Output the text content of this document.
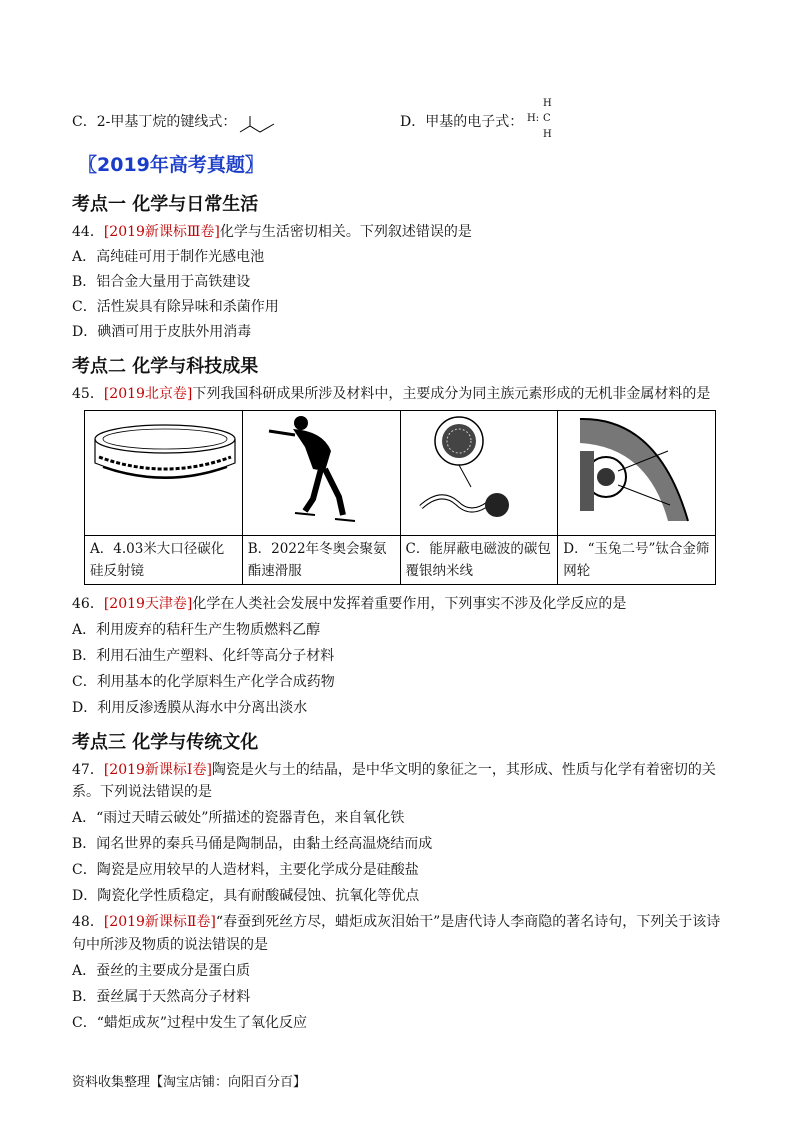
C．2-甲基丁烷的键线式：	D．甲基的电子式：
H
H: C
H
〖2019年高考真题〗
考点一 化学与日常生活
44．[2019新课标Ⅲ卷]化学与生活密切相关。下列叙述错误的是
A．高纯硅可用于制作光感电池
B．铝合金大量用于高铁建设
C．活性炭具有除异味和杀菌作用
D．碘酒可用于皮肤外用消毒
考点二 化学与科技成果
45．[2019北京卷]下列我国科研成果所涉及材料中，主要成分为同主族元素形成的无机非金属材料的是

A．4.03米大口径碳化硅反射镜	B．2022年冬奥会聚氨酯速滑服	C．能屏蔽电磁波的碳包覆银纳米线	D．“玉兔二号”钛合金筛网轮
46．[2019天津卷]化学在人类社会发展中发挥着重要作用，下列事实不涉及化学反应的是
A．利用废弃的秸秆生产生物质燃料乙醇
B．利用石油生产塑料、化纤等高分子材料
C．利用基本的化学原料生产化学合成药物
D．利用反渗透膜从海水中分离出淡水
考点三 化学与传统文化
47．[2019新课标Ⅰ卷]陶瓷是火与土的结晶，是中华文明的象征之一，其形成、性质与化学有着密切的关
系。下列说法错误的是
A．“雨过天晴云破处”所描述的瓷器青色，来自氧化铁
B．闻名世界的秦兵马俑是陶制品，由黏土经高温烧结而成
C．陶瓷是应用较早的人造材料，主要化学成分是硅酸盐
D．陶瓷化学性质稳定，具有耐酸碱侵蚀、抗氧化等优点
48．[2019新课标Ⅱ卷]“春蚕到死丝方尽，蜡炬成灰泪始干”是唐代诗人李商隐的著名诗句，下列关于该诗
句中所涉及物质的说法错误的是
A．蚕丝的主要成分是蛋白质
B．蚕丝属于天然高分子材料
C．“蜡炬成灰”过程中发生了氧化反应
资料收集整理【淘宝店铺：向阳百分百】
